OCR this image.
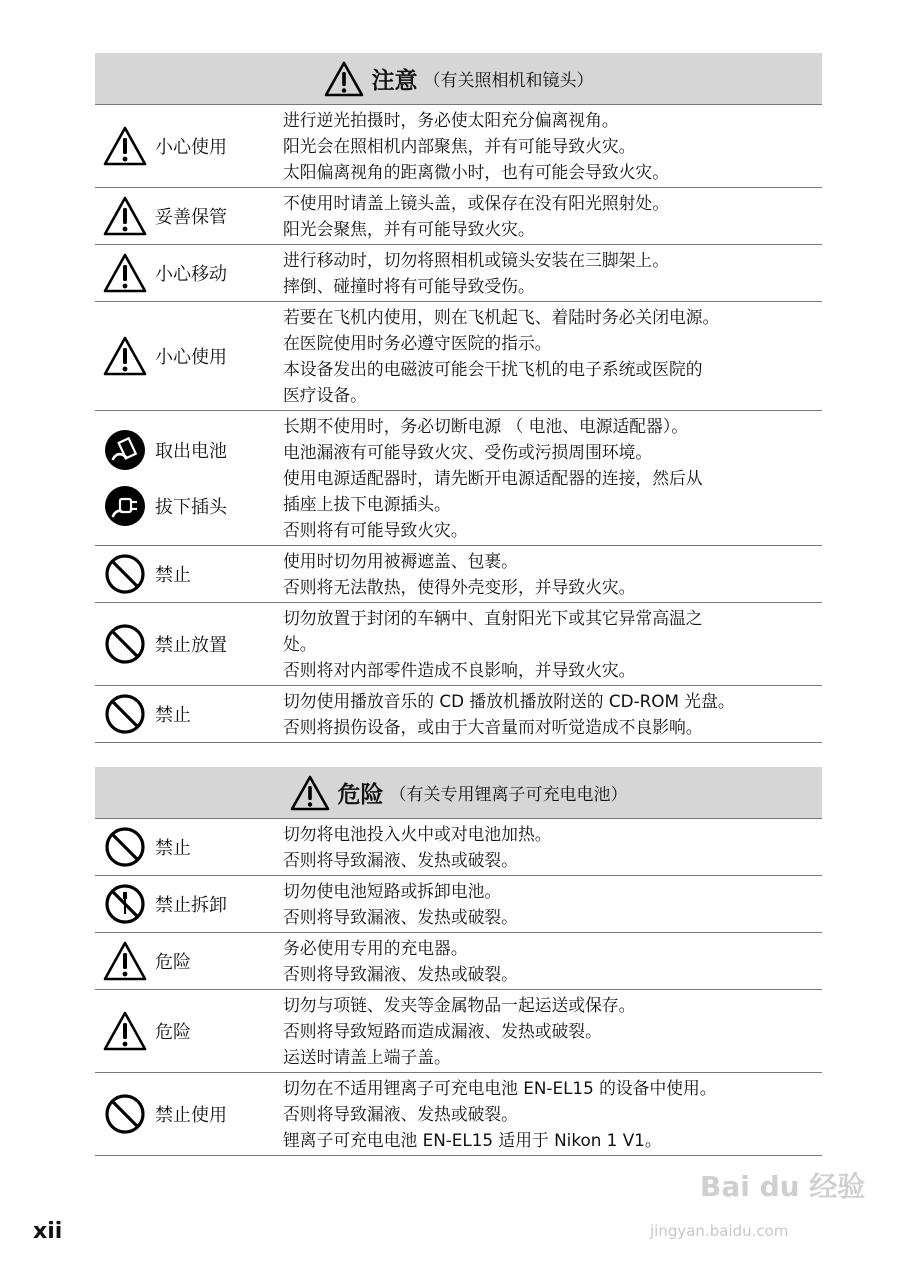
注意 （有关照相机和镜头）
小心使用
进行逆光拍摄时，务必使太阳充分偏离视角。
阳光会在照相机内部聚焦，并有可能导致火灾。
太阳偏离视角的距离微小时，也有可能会导致火灾。
妥善保管
不使用时请盖上镜头盖，或保存在没有阳光照射处。
阳光会聚焦，并有可能导致火灾。
小心移动
进行移动时，切勿将照相机或镜头安装在三脚架上。
摔倒、碰撞时将有可能导致受伤。
小心使用
若要在飞机内使用，则在飞机起飞、着陆时务必关闭电源。
在医院使用时务必遵守医院的指示。
本设备发出的电磁波可能会干扰飞机的电子系统或医院的
医疗设备。
取出电池
拔下插头
长期不使用时，务必切断电源 （ 电池、电源适配器）。
电池漏液有可能导致火灾、受伤或污损周围环境。
使用电源适配器时，请先断开电源适配器的连接，然后从
插座上拔下电源插头。
否则将有可能导致火灾。
禁止
使用时切勿用被褥遮盖、包裹。
否则将无法散热，使得外壳变形，并导致火灾。
禁止放置
切勿放置于封闭的车辆中、直射阳光下或其它异常高温之
处。
否则将对内部零件造成不良影响，并导致火灾。
禁止
切勿使用播放音乐的 CD 播放机播放附送的 CD-ROM 光盘。
否则将损伤设备，或由于大音量而对听觉造成不良影响。
危险 （有关专用锂离子可充电电池）
禁止
切勿将电池投入火中或对电池加热。
否则将导致漏液、发热或破裂。
禁止拆卸
切勿使电池短路或拆卸电池。
否则将导致漏液、发热或破裂。
危险
务必使用专用的充电器。
否则将导致漏液、发热或破裂。
危险
切勿与项链、发夹等金属物品一起运送或保存。
否则将导致短路而造成漏液、发热或破裂。
运送时请盖上端子盖。
禁止使用
切勿在不适用锂离子可充电电池 EN-EL15 的设备中使用。
否则将导致漏液、发热或破裂。
锂离子可充电电池 EN-EL15 适用于 Nikon 1 V1。
xii
Bai du 经验
jingyan.baidu.com
